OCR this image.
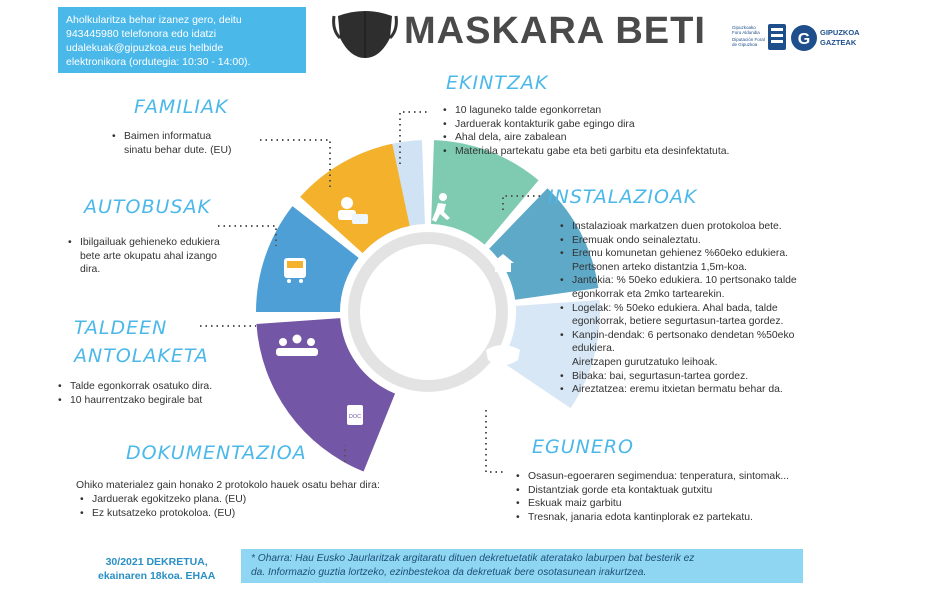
Aholkularitza behar izanez gero, deitu
943445980 telefonora edo idatzi
udalekuak@gipuzkoa.eus helbide
elektronikora (ordutegia: 10:30 - 14:00).
MASKARA BETI	Gipuzkoako
Foru Aldundia
Diputación Foral
de Gipuzkoa	G GIPUZKOA
GAZTEAK
DOC
FAMILIAK
• Baimen informatua
sinatu behar dute. (EU)
AUTOBUSAK
• Ibilgailuak gehieneko edukiera
bete arte okupatu ahal izango
dira.
TALDEEN
ANTOLAKETA
• Talde egonkorrak osatuko dira.
• 10 haurrentzako begirale bat
DOKUMENTAZIOA
Ohiko materialez gain honako 2 protokolo hauek osatu behar dira:
• Jarduerak egokitzeko plana. (EU)
• Ez kutsatzeko protokoloa. (EU)
EKINTZAK
• 10 laguneko talde egonkorretan
• Jarduerak kontakturik gabe egingo dira
• Ahal dela, aire zabalean
• Materiala partekatu gabe eta beti garbitu eta desinfektatuta.
INSTALAZIOAK
• Instalazioak markatzen duen protokoloa bete.
• Eremuak ondo seinaleztatu.
• Eremu komunetan gehienez %60eko edukiera.
Pertsonen arteko distantzia 1,5m-koa.
• Jantokia: % 50eko edukiera. 10 pertsonako talde
egonkorrak eta 2mko tartearekin.
• Logelak: % 50eko edukiera. Ahal bada, talde
egonkorrak, betiere segurtasun-tartea gordez.
• Kanpin-dendak: 6 pertsonako dendetan %50eko
edukiera.
Airetzapen gurutzatuko leihoak.
• Bibaka: bai, segurtasun-tartea gordez.
• Aireztatzea: eremu itxietan bermatu behar da.
EGUNERO
• Osasun-egoeraren segimendua: tenperatura, sintomak...
• Distantziak gorde eta kontaktuak gutxitu
• Eskuak maiz garbitu
• Tresnak, janaria edota kantinplorak ez partekatu.
30/2021 DEKRETUA,
ekainaren 18koa. EHAA
* Oharra: Hau Eusko Jaurlaritzak argitaratu dituen dekretuetatik ateratako laburpen bat besterik ez
da. Informazio guztia lortzeko, ezinbestekoa da dekretuak bere osotasunean irakurtzea.
